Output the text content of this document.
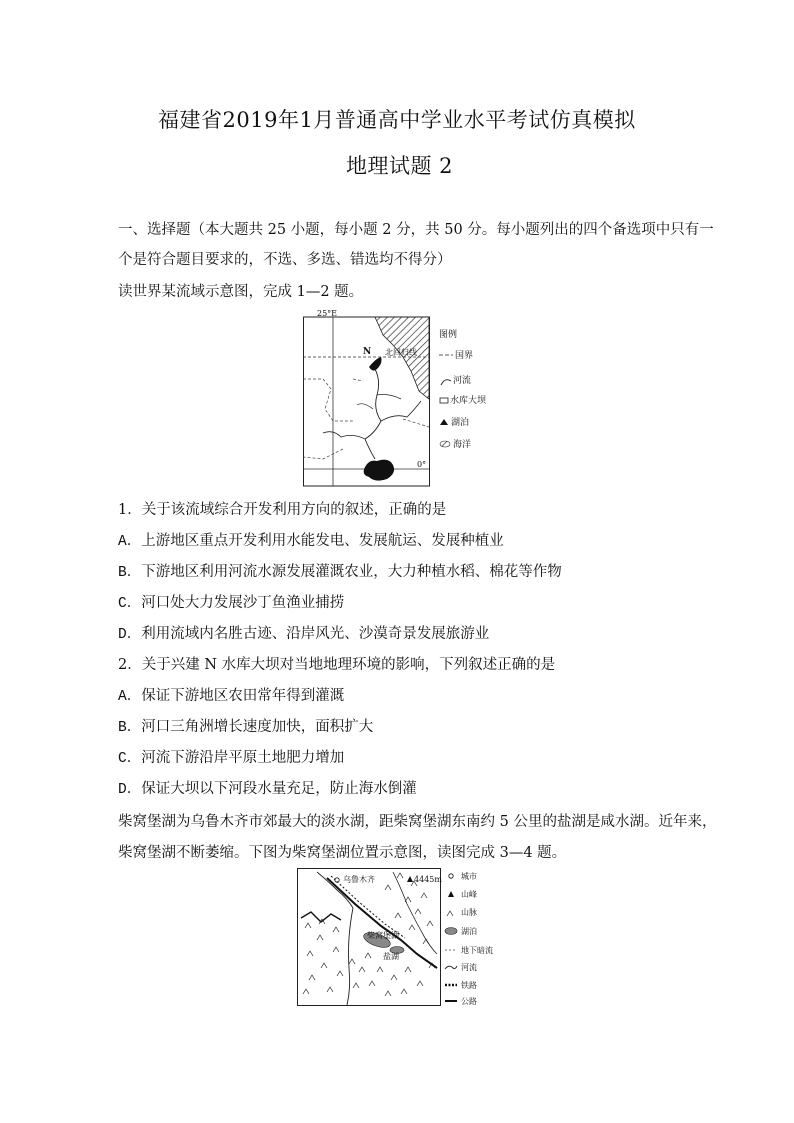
福建省2019年1月普通高中学业水平考试仿真模拟
地理试题 2
一、选择题（本大题共 25 小题，每小题 2 分，共 50 分。每小题列出的四个备选项中只有一
个是符合题目要求的，不选、多选、错选均不得分）
读世界某流域示意图，完成 1—2 题。
25°E
北回归线
N
0°
图例
国界
河流
水库大坝
湖泊
海洋
1．关于该流域综合开发利用方向的叙述，正确的是
A．上游地区重点开发利用水能发电、发展航运、发展种植业
B．下游地区利用河流水源发展灌溉农业，大力种植水稻、棉花等作物
C．河口处大力发展沙丁鱼渔业捕捞
D．利用流域内名胜古迹、沿岸风光、沙漠奇景发展旅游业
2．关于兴建 N 水库大坝对当地地理环境的影响，下列叙述正确的是
A．保证下游地区农田常年得到灌溉
B．河口三角洲增长速度加快，面积扩大
C．河流下游沿岸平原土地肥力增加
D．保证大坝以下河段水量充足，防止海水倒灌
柴窝堡湖为乌鲁木齐市郊最大的淡水湖，距柴窝堡湖东南约 5 公里的盐湖是咸水湖。近年来，
柴窝堡湖不断萎缩。下图为柴窝堡湖位置示意图，读图完成 3—4 题。
乌鲁木齐	4445m
柴窝堡湖
盐湖
城市
山峰
山脉
湖泊
地下暗流
河流
铁路
公路
